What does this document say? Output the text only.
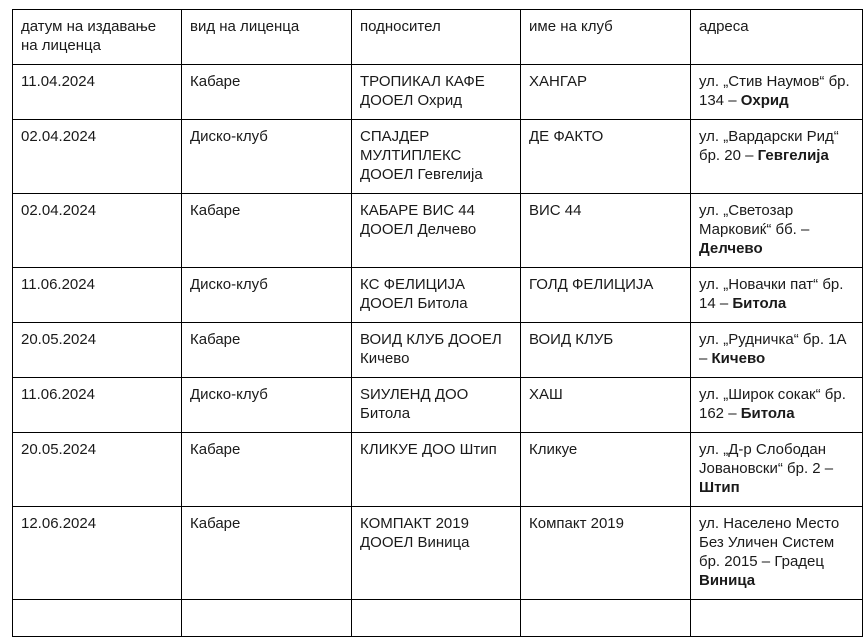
датум на издавање на лиценца	вид на лиценца	подносител	име на клуб	адреса
11.04.2024	Кабаре	ТРОПИКАЛ КАФЕ ДООЕЛ Охрид	ХАНГАР	ул. „Стив Наумов“ бр. 134 – Охрид
02.04.2024	Диско-клуб	СПАЈДЕР МУЛТИПЛЕКС ДООЕЛ Гевгелија	ДЕ ФАКТО	ул. „Вардарски Рид“ бр. 20 – Гевгелија
02.04.2024	Кабаре	КАБАРЕ ВИС 44 ДООЕЛ Делчево	ВИС 44	ул. „Светозар Марковиќ“ бб. – Делчево
11.06.2024	Диско-клуб	КС ФЕЛИЦИЈА ДООЕЛ Битола	ГОЛД ФЕЛИЦИЈА	ул. „Новачки пат“ бр. 14 – Битола
20.05.2024	Кабаре	ВОИД КЛУБ ДООЕЛ Кичево	ВОИД КЛУБ	ул. „Рудничка“ бр. 1А – Кичево
11.06.2024	Диско-клуб	ЅИУЛЕНД ДОО Битола	ХАШ	ул. „Широк сокак“ бр. 162 – Битола
20.05.2024	Кабаре	КЛИКУЕ ДОО Штип	Кликуе	ул. „Д-р Слободан Јовановски“ бр. 2 – Штип
12.06.2024	Кабаре	КОМПАКТ 2019 ДООЕЛ Виница	Компакт 2019	ул. Населено Место Без Уличен Систем бр. 2015 – Градец Виница
